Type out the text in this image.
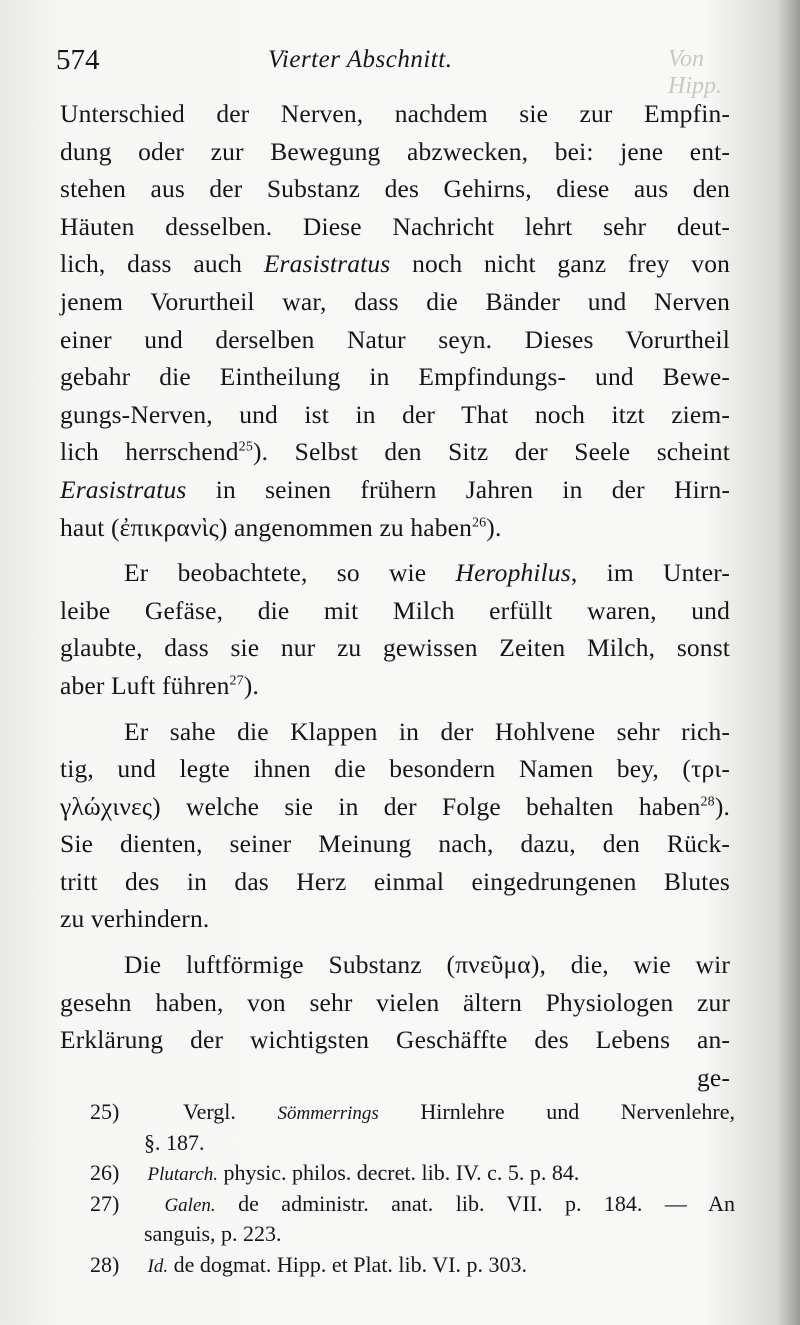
574	Vierter Abschnitt.	Von Hipp.
Unterschied der Nerven, nachdem sie zur Empfin-
dung oder zur Bewegung abzwecken, bei: jene ent-
stehen aus der Substanz des Gehirns, diese aus den
Häuten desselben. Diese Nachricht lehrt sehr deut-
lich, dass auch Erasistratus noch nicht ganz frey von
jenem Vorurtheil war, dass die Bänder und Nerven
einer und derselben Natur seyn. Dieses Vorurtheil
gebahr die Eintheilung in Empfindungs- und Bewe-
gungs-Nerven, und ist in der That noch itzt ziem-
lich herrschend$^{25}$). Selbst den Sitz der Seele scheint
Erasistratus in seinen frühern Jahren in der Hirn-
haut (ἐπικρανὶς) angenommen zu haben$^{26}$).
Er beobachtete, so wie Herophilus, im Unter-
leibe Gefäse, die mit Milch erfüllt waren, und
glaubte, dass sie nur zu gewissen Zeiten Milch, sonst
aber Luft führen$^{27}$).
Er sahe die Klappen in der Hohlvene sehr rich-
tig, und legte ihnen die besondern Namen bey, (τρι-
γλώχινες) welche sie in der Folge behalten haben$^{28}$).
Sie dienten, seiner Meinung nach, dazu, den Rück-
tritt des in das Herz einmal eingedrungenen Blutes
zu verhindern.
Die luftförmige Substanz (πνεῦμα), die, wie wir
gesehn haben, von sehr vielen ältern Physiologen zur
Erklärung der wichtigsten Geschäffte des Lebens an-
ge-
25)	Vergl. Sömmerrings Hirnlehre und Nervenlehre,
§. 187.
26) Plutarch. physic. philos. decret. lib. IV. c. 5. p. 84.
27) Galen. de administr. anat. lib. VII. p. 184. — An
sanguis, p. 223.
28) Id. de dogmat. Hipp. et Plat. lib. VI. p. 303.
